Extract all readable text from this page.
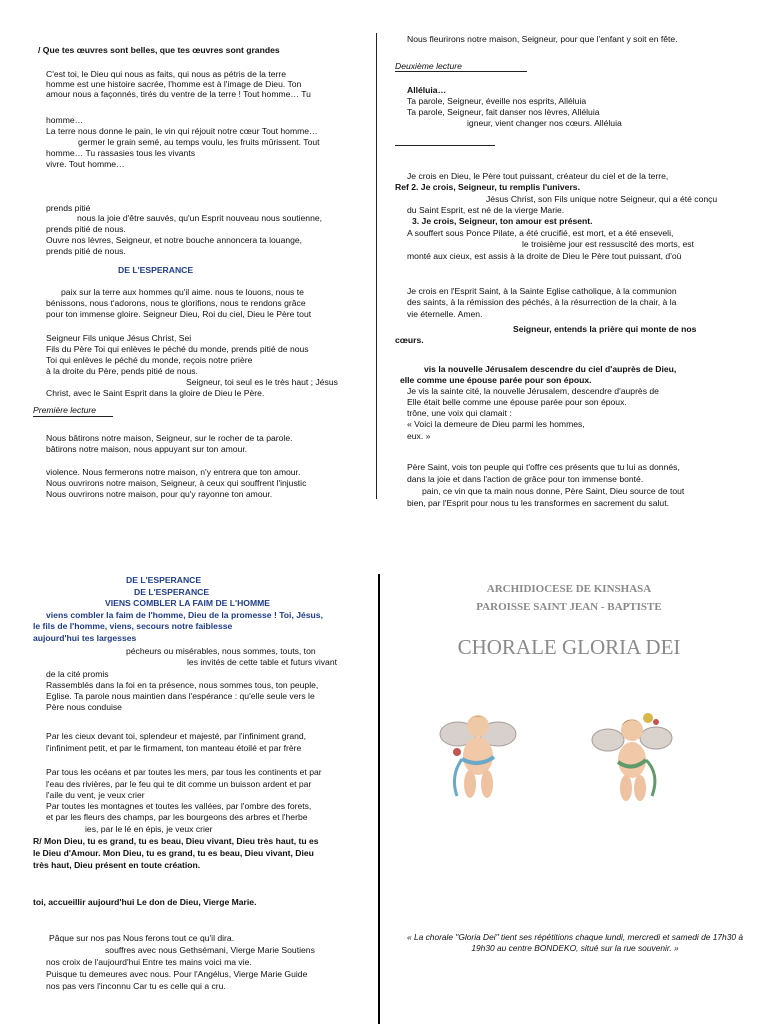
/ Que tes œuvres sont belles, que tes œuvres sont grandes
C'est toi, le Dieu qui nous as faits, qui nous as pétris de la terre
homme est une histoire sacrée, l'homme est à l'image de Dieu. Ton
amour nous a façonnés, tirés du ventre de la terre ! Tout homme… Tu
homme…
La terre nous donne le pain, le vin qui réjouit notre cœur Tout homme…
germer le grain semé, au temps voulu, les fruits mûrissent. Tout
homme… Tu rassasies tous les vivants
vivre. Tout homme…
prends pitié
nous la joie d'être sauvés, qu'un Esprit nouveau nous soutienne,
prends pitié de nous.
Ouvre nos lèvres, Seigneur, et notre bouche annoncera ta louange,
prends pitié de nous.
DE L'ESPERANCE
paix sur la terre aux hommes qu'il aime. nous te louons, nous te
bénissons, nous t'adorons, nous te glorifions, nous te rendons grâce
pour ton immense gloire. Seigneur Dieu, Roi du ciel, Dieu le Père tout
Seigneur Fils unique Jésus Christ, Sei
Fils du Père Toi qui enlèves le péché du monde, prends pitié de nous
Toi qui enlèves le péché du monde, reçois notre prière
à la droite du Père, pends pitié de nous.
Seigneur, toi seul es le très haut ; Jésus
Christ, avec le Saint Esprit dans la gloire de Dieu le Père.
Première lecture
Nous bâtirons notre maison, Seigneur, sur le rocher de ta parole.
bâtirons notre maison, nous appuyant sur ton amour.
violence. Nous fermerons notre maison, n'y entrera que ton amour.
Nous ouvrirons notre maison, Seigneur, à ceux qui souffrent l'injustic
Nous ouvrirons notre maison, pour qu'y rayonne ton amour.
Nous fleurirons notre maison, Seigneur, pour que l'enfant y soit en fête.
Deuxième lecture
Alléluia…
Ta parole, Seigneur, éveille nos esprits, Alléluia
Ta parole, Seigneur, fait danser nos lèvres, Alléluia
igneur, vient changer nos cœurs. Alléluia
Je crois en Dieu, le Père tout puissant, créateur du ciel et de la terre,
Ref 2. Je crois, Seigneur, tu remplis l'univers.
Jésus Christ, son Fils unique notre Seigneur, qui a été conçu
du Saint Esprit, est né de la vierge Marie.
3. Je crois, Seigneur, ton amour est présent.
A souffert sous Ponce Pilate, a été crucifié, est mort, et a été enseveli,
le troisième jour est ressuscité des morts, est
monté aux cieux, est assis à la droite de Dieu le Père tout puissant, d'où
Je crois en l'Esprit Saint, à la Sainte Eglise catholique, à la communion
des saints, à la rémission des péchés, à la résurrection de la chair, à la
vie éternelle. Amen.
Seigneur, entends la prière qui monte de nos
cœurs.
vis la nouvelle Jérusalem descendre du ciel d'auprès de Dieu,
elle comme une épouse parée pour son époux.
Je vis la sainte cité, la nouvelle Jérusalem, descendre d'auprès de
Elle était belle comme une épouse parée pour son époux.
trône, une voix qui clamait :
« Voici la demeure de Dieu parmi les hommes,
eux. »
Père Saint, vois ton peuple qui t'offre ces présents que tu lui as donnés,
dans la joie et dans l'action de grâce pour ton immense bonté.
pain, ce vin que ta main nous donne, Père Saint, Dieu source de tout
bien, par l'Esprit pour nous tu les transformes en sacrement du salut.
DE L'ESPERANCE
DE L'ESPERANCE
VIENS COMBLER LA FAIM DE L'HOMME
viens combler la faim de l'homme, Dieu de la promesse ! Toi, Jésus,
le fils de l'homme, viens, secours notre faiblesse
aujourd'hui tes largesses
pécheurs ou misérables, nous sommes, touts, ton
les invités de cette table et futurs vivant
de la cité promis
Rassemblés dans la foi en ta présence, nous sommes tous, ton peuple,
Eglise. Ta parole nous maintien dans l'espérance : qu'elle seule vers le
Père nous conduise
Par les cieux devant toi, splendeur et majesté, par l'infiniment grand,
l'infiniment petit, et par le firmament, ton manteau étoilé et par frère
Par tous les océans et par toutes les mers, par tous les continents et par
l'eau des rivières, par le feu qui te dit comme un buisson ardent et par
l'aile du vent, je veux crier
Par toutes les montagnes et toutes les vallées, par l'ombre des forets,
et par les fleurs des champs, par les bourgeons des arbres et l'herbe
ies, par le lé en épis, je veux crier
R/ Mon Dieu, tu es grand, tu es beau, Dieu vivant, Dieu très haut, tu es
le Dieu d'Amour. Mon Dieu, tu es grand, tu es beau, Dieu vivant, Dieu
très haut, Dieu présent en toute création.
toi, accueillir aujourd'hui Le don de Dieu, Vierge Marie.
Pâque sur nos pas Nous ferons tout ce qu'il dira.
souffres avec nous Gethsémani, Vierge Marie Soutiens
nos croix de l'aujourd'hui Entre tes mains voici ma vie.
Puisque tu demeures avec nous. Pour l'Angélus, Vierge Marie Guide
nos pas vers l'inconnu Car tu es celle qui a cru.
ARCHIDIOCESE DE KINSHASA
PAROISSE SAINT JEAN - BAPTISTE
CHORALE GLORIA DEI
« La chorale "Gloria Dei" tient ses répétitions chaque lundi, mercredi et samedi de 17h30 à 19h30 au centre BONDEKO, situé sur la rue souvenir. »
